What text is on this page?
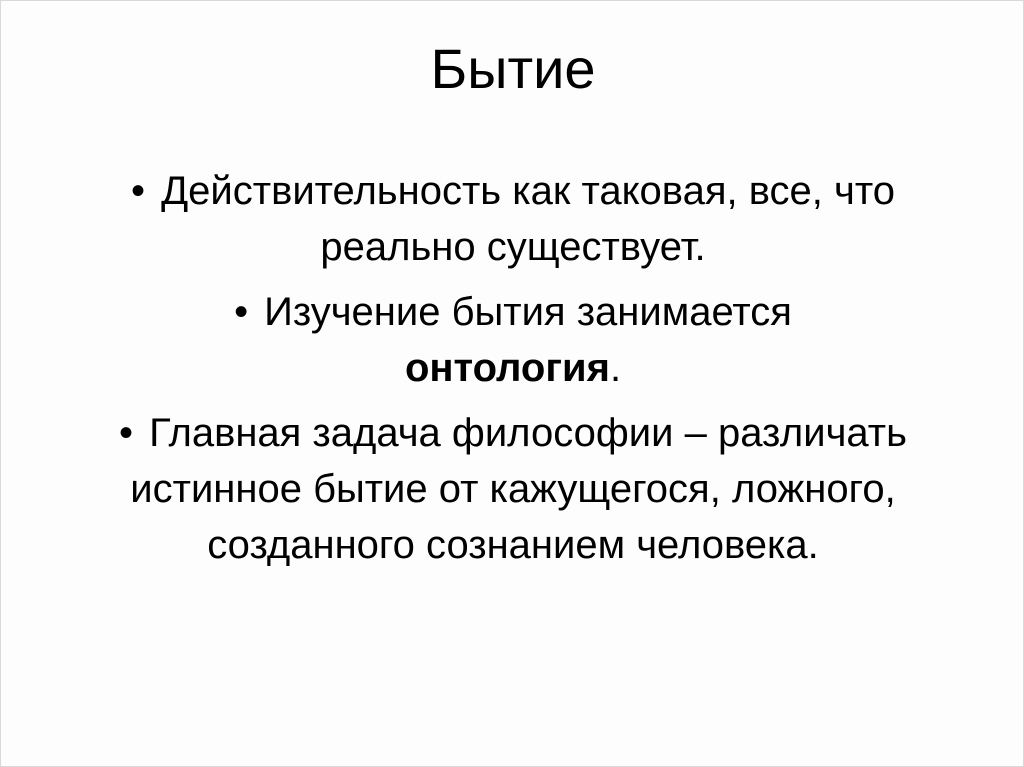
Бытие
• Действительность как таковая, все, что реально существует.
• Изучение бытия занимается
онтология.
• Главная задача философии – различать истинное бытие от кажущегося, ложного, созданного сознанием человека.
